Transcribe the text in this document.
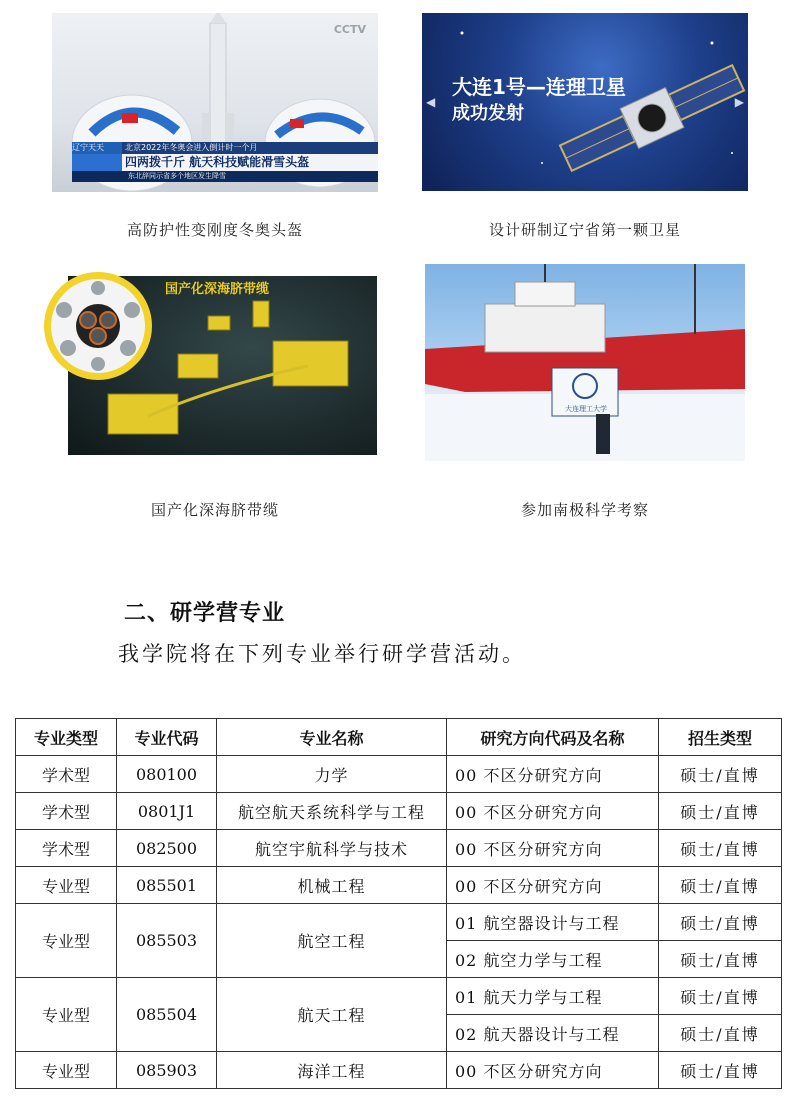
CCTV
辽宁天天	北京2022年冬奥会进入倒计时一个月
四两拨千斤 航天科技赋能滑雪头盔
东北辞同示省多个地区发生降雪
高防护性变刚度冬奥头盔
大连1号—连理卫星
成功发射
◀	▶
设计研制辽宁省第一颗卫星
国产化深海脐带缆
国产化深海脐带缆
大连理工大学
参加南极科学考察
二、研学营专业
我学院将在下列专业举行研学营活动。
专业类型	专业代码	专业名称	研究方向代码及名称	招生类型
学术型	080100	力学	00 不区分研究方向	硕士/直博
学术型	0801J1	航空航天系统科学与工程	00 不区分研究方向	硕士/直博
学术型	082500	航空宇航科学与技术	00 不区分研究方向	硕士/直博
专业型	085501	机械工程	00 不区分研究方向	硕士/直博
专业型	085503	航空工程	01 航空器设计与工程	硕士/直博
			02 航空力学与工程	硕士/直博
专业型	085504	航天工程	01 航天力学与工程	硕士/直博
			02 航天器设计与工程	硕士/直博
专业型	085903	海洋工程	00 不区分研究方向	硕士/直博
